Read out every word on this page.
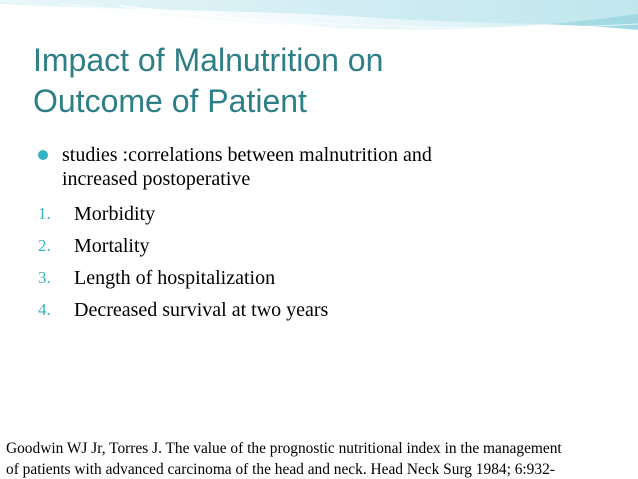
Impact of Malnutrition on
Outcome of Patient
studies :correlations between malnutrition and
increased postoperative
1. Morbidity
2. Mortality
3. Length of hospitalization
4. Decreased survival at two years
Goodwin WJ Jr, Torres J. The value of the prognostic nutritional index in the management
of patients with advanced carcinoma of the head and neck. Head Neck Surg 1984; 6:932-
